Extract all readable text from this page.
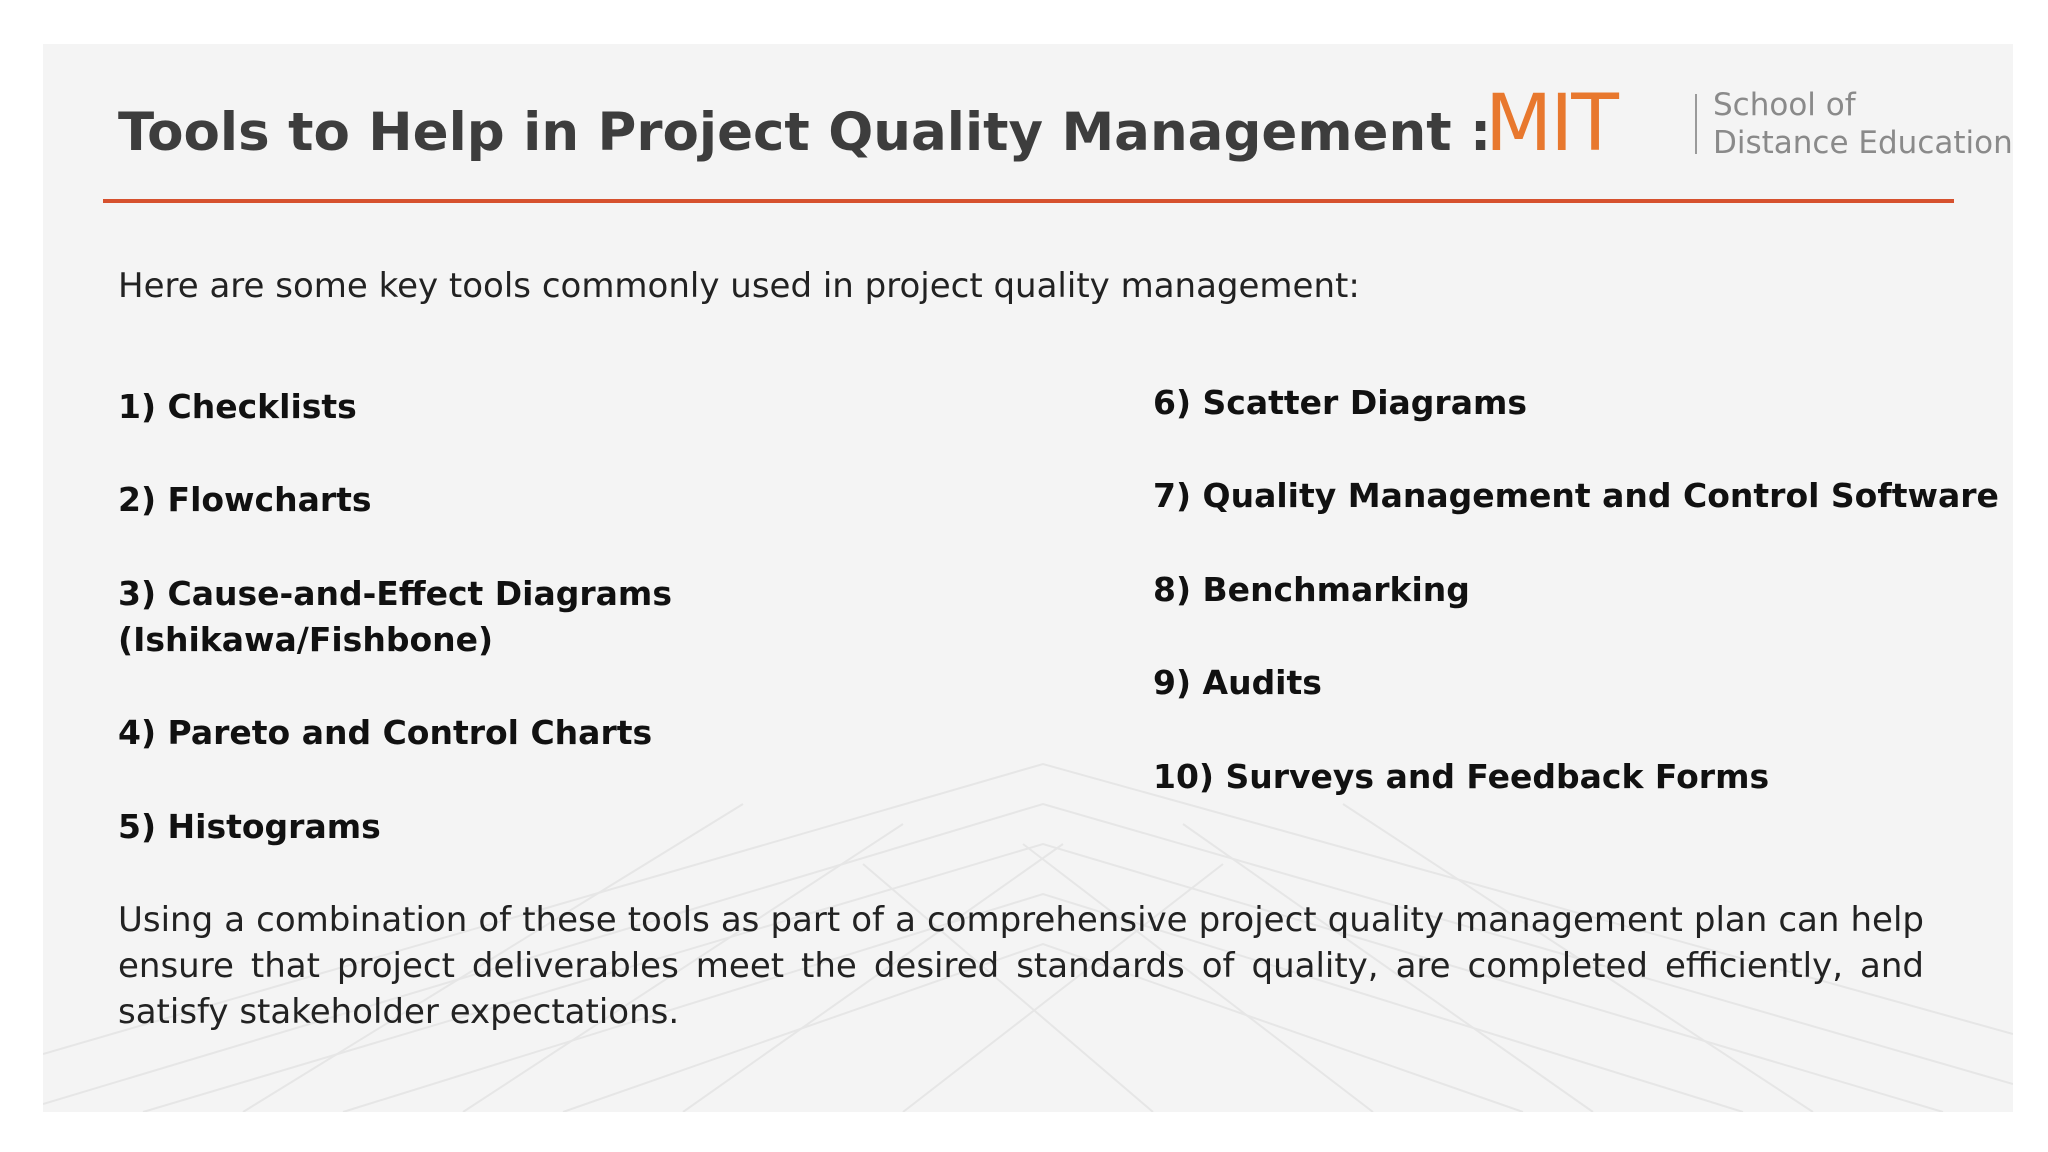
Tools to Help in Project Quality Management :
MIT	School of
Distance Education
Here are some key tools commonly used in project quality management:
1) Checklists
2) Flowcharts
3) Cause-and-Effect Diagrams
(Ishikawa/Fishbone)
4) Pareto and Control Charts
5) Histograms
6) Scatter Diagrams
7) Quality Management and Control Software
8) Benchmarking
9) Audits
10) Surveys and Feedback Forms
Using a combination of these tools as part of a comprehensive project quality management plan can help ensure that project deliverables meet the desired standards of quality, are completed efficiently, and satisfy stakeholder expectations.
